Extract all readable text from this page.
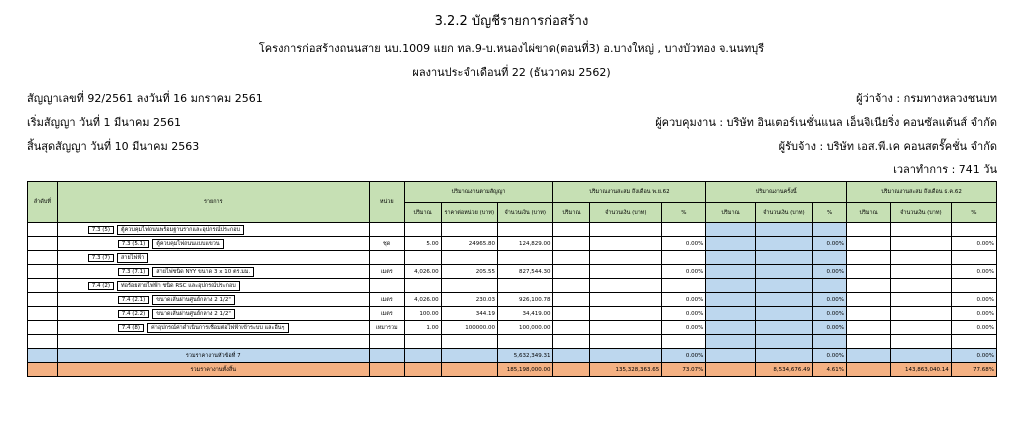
3.2.2 บัญชีรายการก่อสร้าง
โครงการก่อสร้างถนนสาย นบ.1009 แยก ทล.9-บ.หนองไผ่ขาด(ตอนที่3) อ.บางใหญ่ , บางบัวทอง จ.นนทบุรี
ผลงานประจำเดือนที่ 22 (ธันวาคม 2562)
สัญญาเลขที่ 92/2561 ลงวันที่ 16 มกราคม 2561	ผู้ว่าจ้าง : กรมทางหลวงชนบท
เริ่มสัญญา วันที่ 1 มีนาคม 2561	ผู้ควบคุมงาน : บริษัท อินเตอร์เนชั่นแนล เอ็นจิเนียริ่ง คอนซัลแต้นส์ จำกัด
สิ้นสุดสัญญา วันที่ 10 มีนาคม 2563	ผู้รับจ้าง : บริษัท เอส.พี.เค คอนสตรั๊คชั่น จำกัด
เวลาทำการ : 741 วัน
ลำดับที่	รายการ	หน่วย	ปริมาณงานตามสัญญา			ปริมาณงานสะสม ถึงเดือน พ.ย.62			ปริมาณงานครั้งนี้			ปริมาณงานสะสม ถึงเดือน ธ.ค.62		
			ปริมาณ	ราคาต่อหน่วย (บาท)	จำนวนเงิน (บาท)	ปริมาณ	จำนวนเงิน (บาท)	%	ปริมาณ	จำนวนเงิน (บาท)	%	ปริมาณ	จำนวนเงิน (บาท)	%
	7.3 (5) ตู้ควบคุมไฟถนนพร้อมฐานรากและอุปกรณ์ประกอบ													
	7.3 (5.1) ตู้ควบคุมไฟถนนแบบแขวน	ชุด	5.00	24965.80	124,829.00			0.00%			0.00%			0.00%
	7.3 (7) สายไฟฟ้า													
	7.3 (7.1) สายไฟชนิด NYY ขนาด 3 x 10 ตร.มม.	เมตร	4,026.00	205.55	827,544.30			0.00%			0.00%			0.00%
	7.4 (2) ท่อร้อยสายไฟฟ้า ชนิด RSC และอุปกรณ์ประกอบ													
	7.4 (2.1) ขนาดเส้นผ่านศูนย์กลาง 2 1/2"	เมตร	4,026.00	230.03	926,100.78			0.00%			0.00%			0.00%
	7.4 (2.2) ขนาดเส้นผ่านศูนย์กลาง 2 1/2"	เมตร	100.00	344.19	34,419.00			0.00%			0.00%			0.00%
	7.4 (8) ค่าอุปกรณ์ค่าดำเนินการเชื่อมต่อไฟฟ้าเข้าระบบ และอื่นๆ	เหมารวม	1.00	100000.00	100,000.00			0.00%			0.00%			0.00%

	รวมราคางานหัวข้อที่ 7				5,632,349.31			0.00%			0.00%			0.00%
	รวมราคางานทั้งสิ้น				185,198,000.00		135,328,363.65	73.07%		8,534,676.49	4.61%		143,863,040.14	77.68%
